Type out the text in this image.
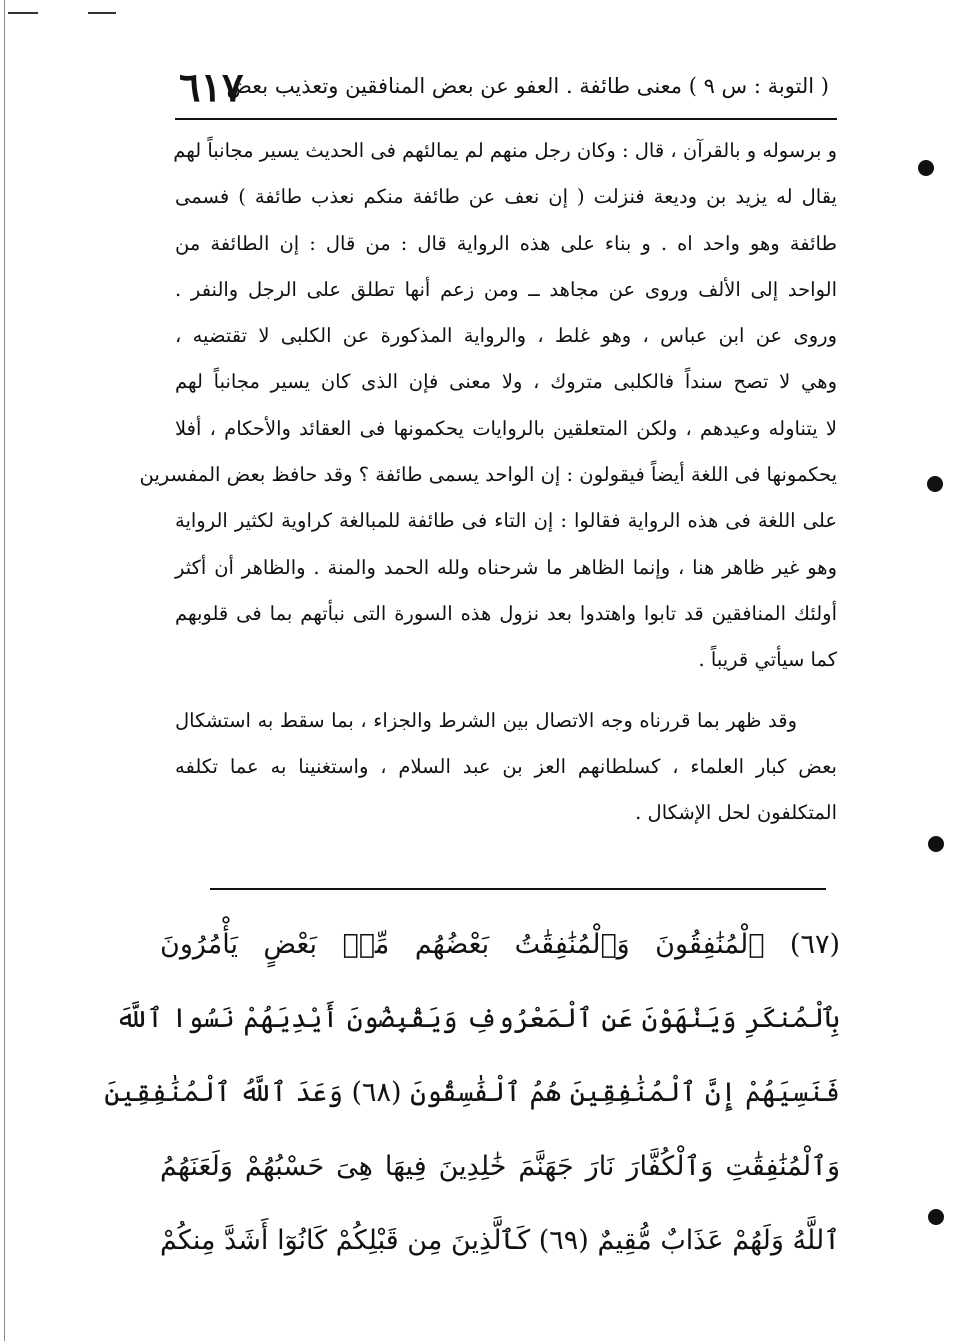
( التوبة : س ٩ ) معنى طائفة . العفو عن بعض المنافقين وتعذيب بعض
٦١٧
و برسوله و بالقرآن ، قال : وكان رجل منهم لم يمالئهم فى الحديث يسير مجانباً لهم
يقال له يزيد بن وديعة فنزلت ( إن نعف عن طائفة منكم نعذب طائفة ) فسمى
طائفة وهو واحد اه . و بناء على هذه الرواية قال : من قال : إن الطائفة من
الواحد إلى الألف وروى عن مجاهد ــ ومن زعم أنها تطلق على الرجل والنفر .
وروى عن ابن عباس ، وهو غلط ، والرواية المذكورة عن الكلبى لا تقتضيه ،
وهي لا تصح سنداً فالكلبى متروك ، ولا معنى فإن الذى كان يسير مجانباً لهم
لا يتناوله وعيدهم ، ولكن المتعلقين بالروايات يحكمونها فى العقائد والأحكام ، أفلا
يحكمونها فى اللغة أيضاً فيقولون : إن الواحد يسمى طائفة ؟ وقد حافظ بعض المفسرين
على اللغة فى هذه الرواية فقالوا : إن التاء فى طائفة للمبالغة كراوية لكثير الرواية
وهو غير ظاهر هنا ، وإنما الظاهر ما شرحناه ولله الحمد والمنة . والظاهر أن أكثر
أولئك المنافقين قد تابوا واهتدوا بعد نزول هذه السورة التى نبأتهم بما فى قلوبهم
كما سيأتي قريباً .
وقد ظهر بما قررناه وجه الاتصال بين الشرط والجزاء ، بما سقط به استشكال
بعض كبار العلماء ، كسلطانهم العز بن عبد السلام ، واستغنينا به عما تكلفه
المتكلفون لحل الإشكال .
(٦٧) ٱلْمُنَٰفِقُونَ وَٱلْمُنَٰفِقَٰتُ بَعْضُهُم مِّنۢ بَعْضٍ يَأْمُرُونَ
بِٱلْمُنكَرِ وَيَنْهَوْنَ عَنِ ٱلْمَعْرُوفِ وَيَقْبِضُونَ أَيْدِيَهُمْ نَسُوا ٱللَّهَ
فَنَسِيَهُمْ إِنَّ ٱلْمُنَٰفِقِينَ هُمُ ٱلْفَٰسِقُونَ (٦٨) وَعَدَ ٱللَّهُ ٱلْمُنَٰفِقِينَ
وَٱلْمُنَٰفِقَٰتِ وَٱلْكُفَّارَ نَارَ جَهَنَّمَ خَٰلِدِينَ فِيهَا هِىَ حَسْبُهُمْ وَلَعَنَهُمُ
ٱللَّهُ وَلَهُمْ عَذَابٌ مُّقِيمٌ (٦٩) كَٱلَّذِينَ مِن قَبْلِكُمْ كَانُوٓا أَشَدَّ مِنكُمْ
